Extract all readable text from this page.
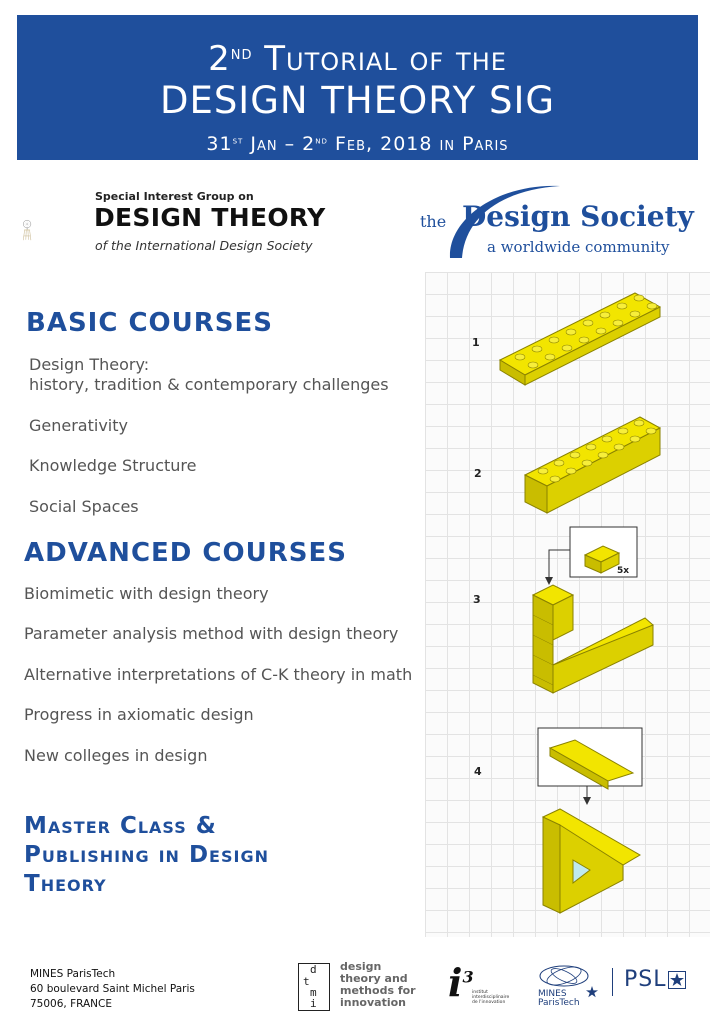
2nd Tutorial of the
DESIGN THEORY SIG
31st Jan – 2nd Feb, 2018 in Paris
Special Interest Group on
DESIGN THEORY
of the International Design Society
the Design Society
a worldwide community
1
2
3
4
5x
BASIC COURSES
Design Theory:
history, tradition & contemporary challenges
Generativity
Knowledge Structure
Social Spaces
ADVANCED COURSES
Biomimetic with design theory
Parameter analysis method with design theory
Alternative interpretations of C-K theory in math
Progress in axiomatic design
New colleges in design
Master Class &
Publishing in Design
Theory
MINES ParisTech
60 boulevard Saint Michel Paris
75006, FRANCE
d
t
m
i
design
theory and
methods for
innovation $i^3$
institut interdisciplinaire de l'innovation
MINES
ParisTech
PSL
